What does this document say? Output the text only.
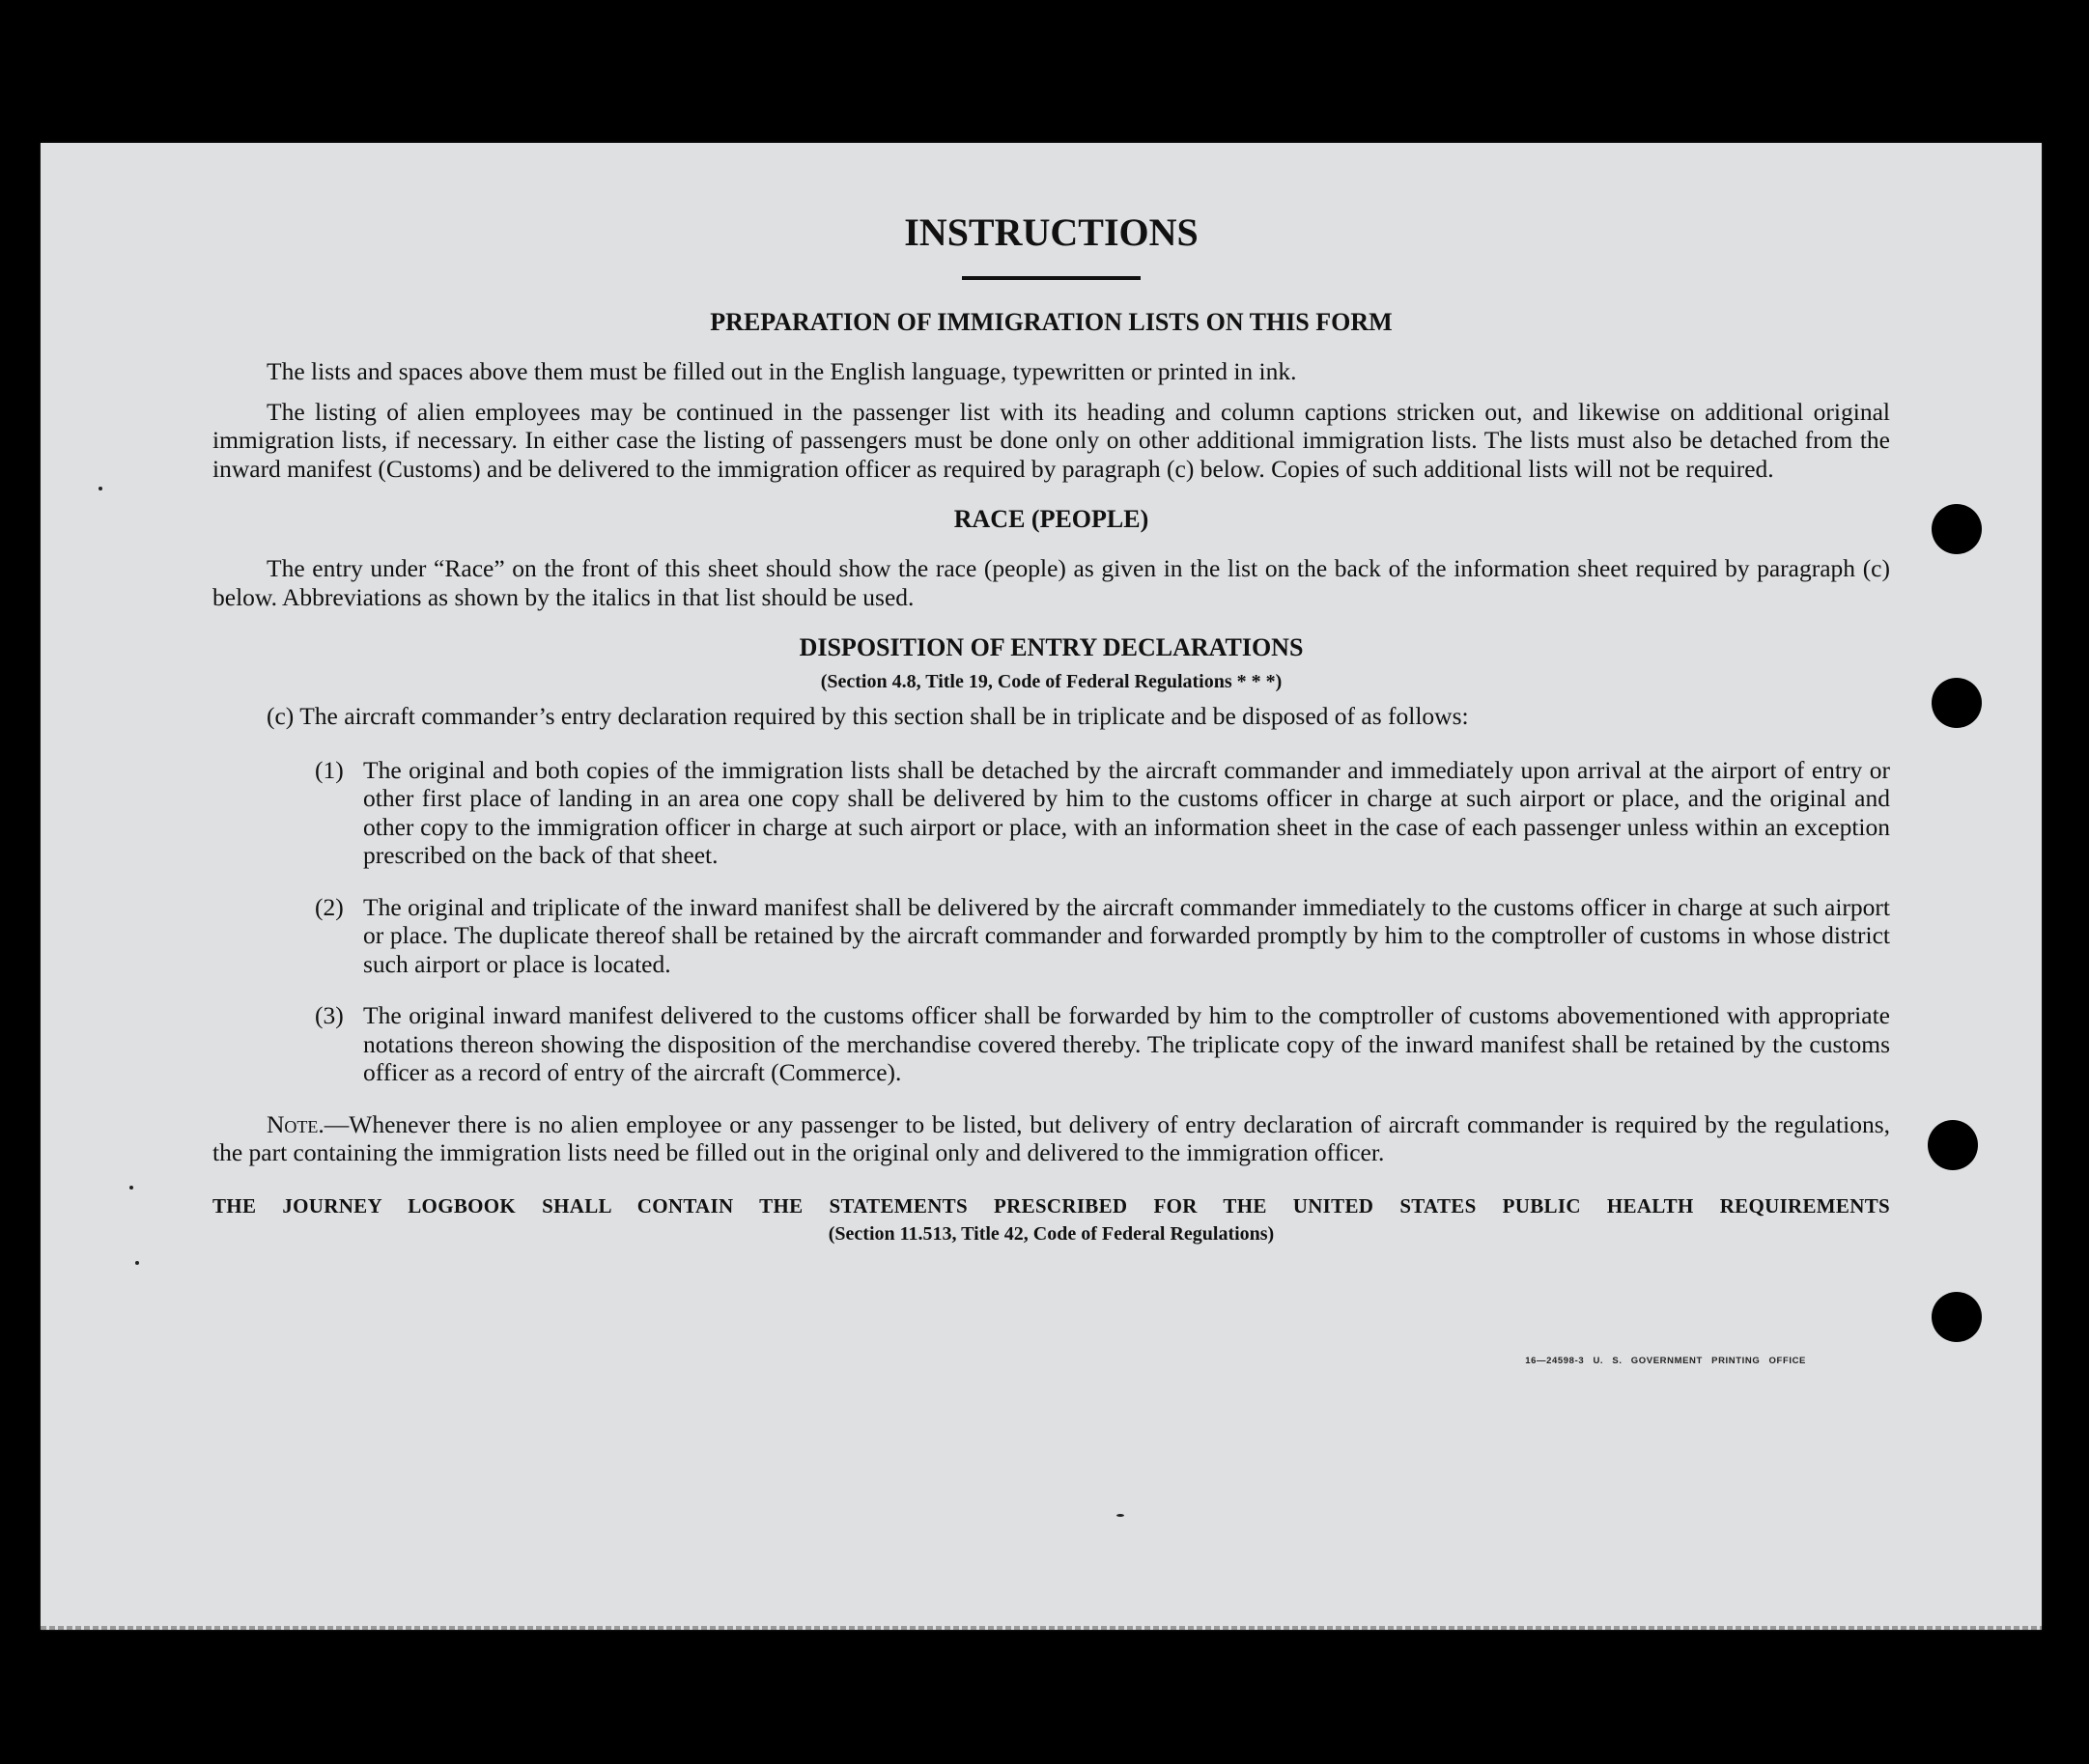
INSTRUCTIONS
PREPARATION OF IMMIGRATION LISTS ON THIS FORM

The lists and spaces above them must be filled out in the English language, typewritten or printed in ink.

The listing of alien employees may be continued in the passenger list with its heading and column captions stricken out, and likewise on additional original immigration lists, if necessary. In either case the listing of passengers must be done only on other additional immigration lists. The lists must also be detached from the inward manifest (Customs) and be delivered to the immigration officer as required by paragraph (c) below. Copies of such additional lists will not be required.

RACE (PEOPLE)

The entry under “Race” on the front of this sheet should show the race (people) as given in the list on the back of the information sheet required by paragraph (c) below. Abbreviations as shown by the italics in that list should be used.

DISPOSITION OF ENTRY DECLARATIONS

(Section 4.8, Title 19, Code of Federal Regulations * * *)

(c) The aircraft commander’s entry declaration required by this section shall be in triplicate and be disposed of as follows:

(1) The original and both copies of the immigration lists shall be detached by the aircraft commander and immediately upon arrival at the airport of entry or other first place of landing in an area one copy shall be delivered by him to the customs officer in charge at such airport or place, and the original and other copy to the immigration officer in charge at such airport or place, with an information sheet in the case of each passenger unless within an exception prescribed on the back of that sheet.
(2) The original and triplicate of the inward manifest shall be delivered by the aircraft commander immediately to the customs officer in charge at such airport or place. The duplicate thereof shall be retained by the aircraft commander and forwarded promptly by him to the comptroller of customs in whose district such airport or place is located.
(3) The original inward manifest delivered to the customs officer shall be forwarded by him to the comptroller of customs abovementioned with appropriate notations thereon showing the disposition of the merchandise covered thereby. The triplicate copy of the inward manifest shall be retained by the customs officer as a record of entry of the aircraft (Commerce).

Note.—Whenever there is no alien employee or any passenger to be listed, but delivery of entry declaration of aircraft commander is required by the regulations, the part containing the immigration lists need be filled out in the original only and delivered to the immigration officer.

THE JOURNEY LOGBOOK SHALL CONTAIN THE STATEMENTS PRESCRIBED FOR THE UNITED STATES PUBLIC HEALTH REQUIREMENTS

(Section 11.513, Title 42, Code of Federal Regulations)

16—24598-3 U. S. GOVERNMENT PRINTING OFFICE
